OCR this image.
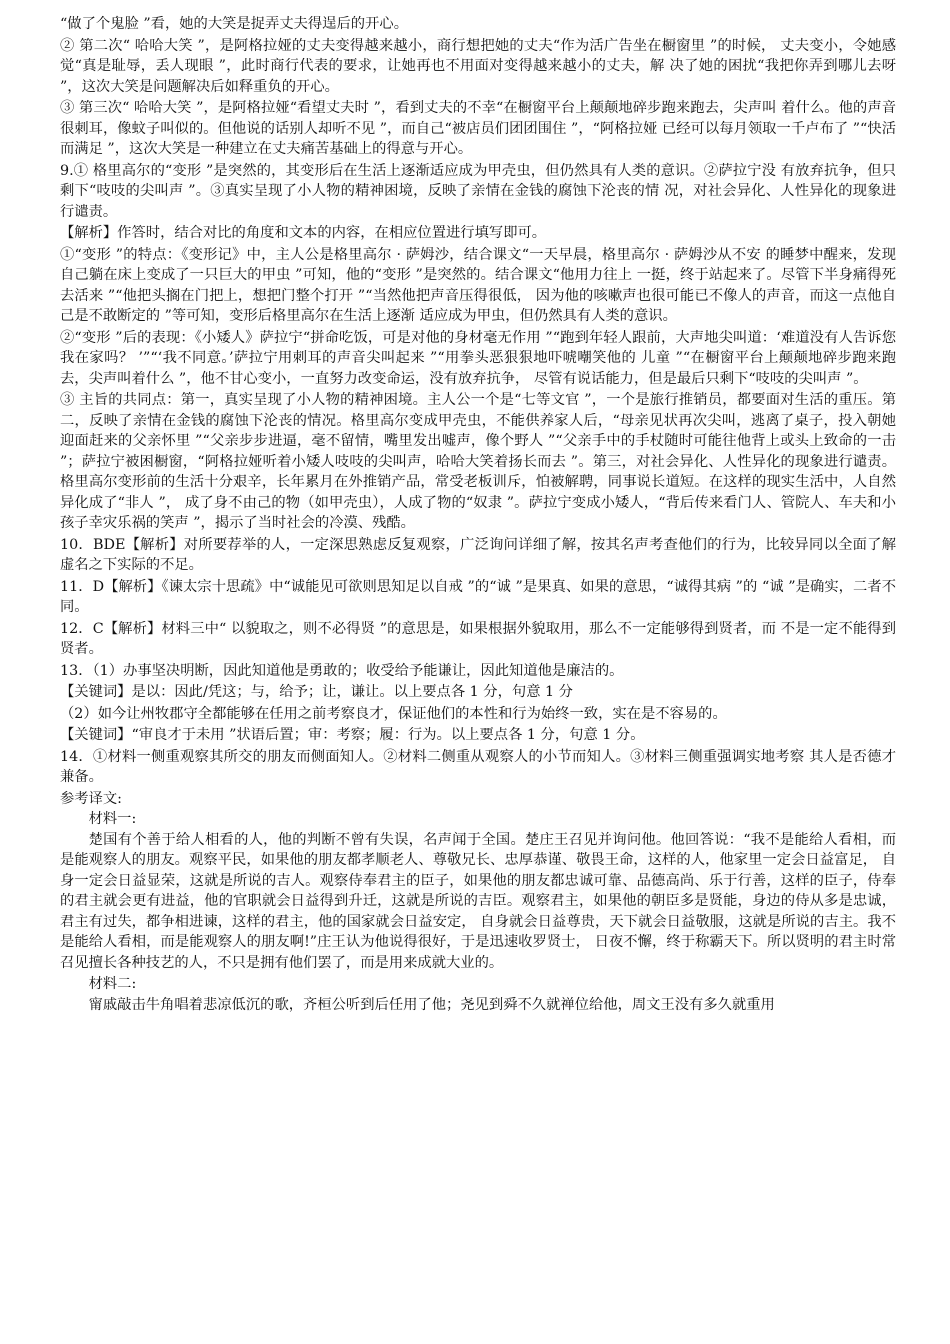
“做了个鬼脸 ”看，她的大笑是捉弄丈夫得逞后的开心。

② 第二次“ 哈哈大笑 ”，是阿格拉娅的丈夫变得越来越小，商行想把她的丈夫“作为活广告坐在橱窗里 ”的时候， 丈夫变小，令她感觉“真是耻辱，丢人现眼 ”，此时商行代表的要求，让她再也不用面对变得越来越小的丈夫，解 决了她的困扰“我把你弄到哪儿去呀 ”，这次大笑是问题解决后如释重负的开心。

③ 第三次“ 哈哈大笑 ”，是阿格拉娅“看望丈夫时 ”，看到丈夫的不幸“在橱窗平台上颠颠地碎步跑来跑去，尖声叫 着什么。他的声音很刺耳，像蚊子叫似的。但他说的话别人却听不见 ”，而自己“被店员们团团围住 ”，“阿格拉娅 已经可以每月领取一千卢布了 ”“快活而满足 ”，这次大笑是一种建立在丈夫痛苦基础上的得意与开心。

9.① 格里高尔的“变形 ”是突然的，其变形后在生活上逐渐适应成为甲壳虫，但仍然具有人类的意识。②萨拉宁没 有放弃抗争，但只剩下“吱吱的尖叫声 ”。③真实呈现了小人物的精神困境，反映了亲情在金钱的腐蚀下沦丧的情 况，对社会异化、人性异化的现象进行谴责。

【解析】作答时，结合对比的角度和文本的内容，在相应位置进行填写即可。

①“变形 ”的特点：《变形记》中，主人公是格里高尔 · 萨姆沙，结合课文“一天早晨，格里高尔 · 萨姆沙从不安 的睡梦中醒来，发现自己躺在床上变成了一只巨大的甲虫 ”可知，他的“变形 ”是突然的。结合课文“他用力往上 一挺，终于站起来了。尽管下半身痛得死去活来 ”“他把头搁在门把上，想把门整个打开 ”“当然他把声音压得很低， 因为他的咳嗽声也很可能已不像人的声音，而这一点他自己是不敢断定的 ”等可知，变形后格里高尔在生活上逐渐 适应成为甲虫，但仍然具有人类的意识。

②“变形 ”后的表现：《小矮人》萨拉宁“拼命吃饭，可是对他的身材毫无作用 ”“跑到年轻人跟前，大声地尖叫道：‘难道没有人告诉您我在家吗？ ’”“‘我不同意。’萨拉宁用刺耳的声音尖叫起来 ”“用拳头恶狠狠地吓唬嘲笑他的 儿童 ”“在橱窗平台上颠颠地碎步跑来跑去，尖声叫着什么 ”，他不甘心变小，一直努力改变命运，没有放弃抗争， 尽管有说话能力，但是最后只剩下“吱吱的尖叫声 ”。

③ 主旨的共同点：第一，真实呈现了小人物的精神困境。主人公一个是“七等文官 ”，一个是旅行推销员，都要面对生活的重压。第二，反映了亲情在金钱的腐蚀下沦丧的情况。格里高尔变成甲壳虫，不能供养家人后，“母亲见状再次尖叫，逃离了桌子，投入朝她迎面赶来的父亲怀里 ”“父亲步步进逼，毫不留情，嘴里发出嘘声，像个野人 ”“父亲手中的手杖随时可能往他背上或头上致命的一击 ”；萨拉宁被困橱窗，“阿格拉娅听着小矮人吱吱的尖叫声，哈哈大笑着扬长而去 ”。第三，对社会异化、人性异化的现象进行谴责。格里高尔变形前的生活十分艰辛，长年累月在外推销产品，常受老板训斥，怕被解聘，同事说长道短。在这样的现实生活中，人自然异化成了“非人 ”， 成了身不由己的物（如甲壳虫），人成了物的“奴隶 ”。萨拉宁变成小矮人，“背后传来看门人、管院人、车夫和小 孩子幸灾乐祸的笑声 ”，揭示了当时社会的冷漠、残酷。

10．BDE【解析】对所要荐举的人，一定深思熟虑反复观察，广泛询问详细了解，按其名声考查他们的行为，比较异同以全面了解虚名之下实际的不足。

11．D【解析】《谏太宗十思疏》中“诚能见可欲则思知足以自戒 ”的“诚 ”是果真、如果的意思，“诚得其病 ”的 “诚 ”是确实，二者不同。

12．C【解析】材料三中“ 以貌取之，则不必得贤 ”的意思是，如果根据外貌取用，那么不一定能够得到贤者，而 不是一定不能得到贤者。

13．（1）办事坚决明断，因此知道他是勇敢的；收受给予能谦让，因此知道他是廉洁的。

【关键词】是以：因此/凭这；与，给予；让，谦让。以上要点各 1 分，句意 1 分

（2）如今让州牧郡守全都能够在任用之前考察良才，保证他们的本性和行为始终一致，实在是不容易的。

【关键词】“审良才于未用 ”状语后置；审：考察；履：行为。以上要点各 1 分，句意 1 分。

14．①材料一侧重观察其所交的朋友而侧面知人。②材料二侧重从观察人的小节而知人。③材料三侧重强调实地考察 其人是否德才兼备。

参考译文:

材料一:

楚国有个善于给人相看的人，他的判断不曾有失误，名声闻于全国。楚庄王召见并询问他。他回答说：“我不是能给人看相，而是能观察人的朋友。观察平民，如果他的朋友都孝顺老人、尊敬兄长、忠厚恭谨、敬畏王命，这样的人，他家里一定会日益富足， 自身一定会日益显荣，这就是所说的吉人。观察侍奉君主的臣子，如果他的朋友都忠诚可靠、品德高尚、乐于行善，这样的臣子，侍奉的君主就会更有进益，他的官职就会日益得到升迁，这就是所说的吉臣。观察君主，如果他的朝臣多是贤能，身边的侍从多是忠诚，君主有过失，都争相进谏，这样的君主，他的国家就会日益安定， 自身就会日益尊贵，天下就会日益敬服，这就是所说的吉主。我不是能给人看相，而是能观察人的朋友啊!”庄王认为他说得很好，于是迅速收罗贤士， 日夜不懈，终于称霸天下。所以贤明的君主时常召见擅长各种技艺的人，不只是拥有他们罢了，而是用来成就大业的。

材料二:

甯戚敲击牛角唱着悲凉低沉的歌，齐桓公听到后任用了他；尧见到舜不久就禅位给他，周文王没有多久就重用
